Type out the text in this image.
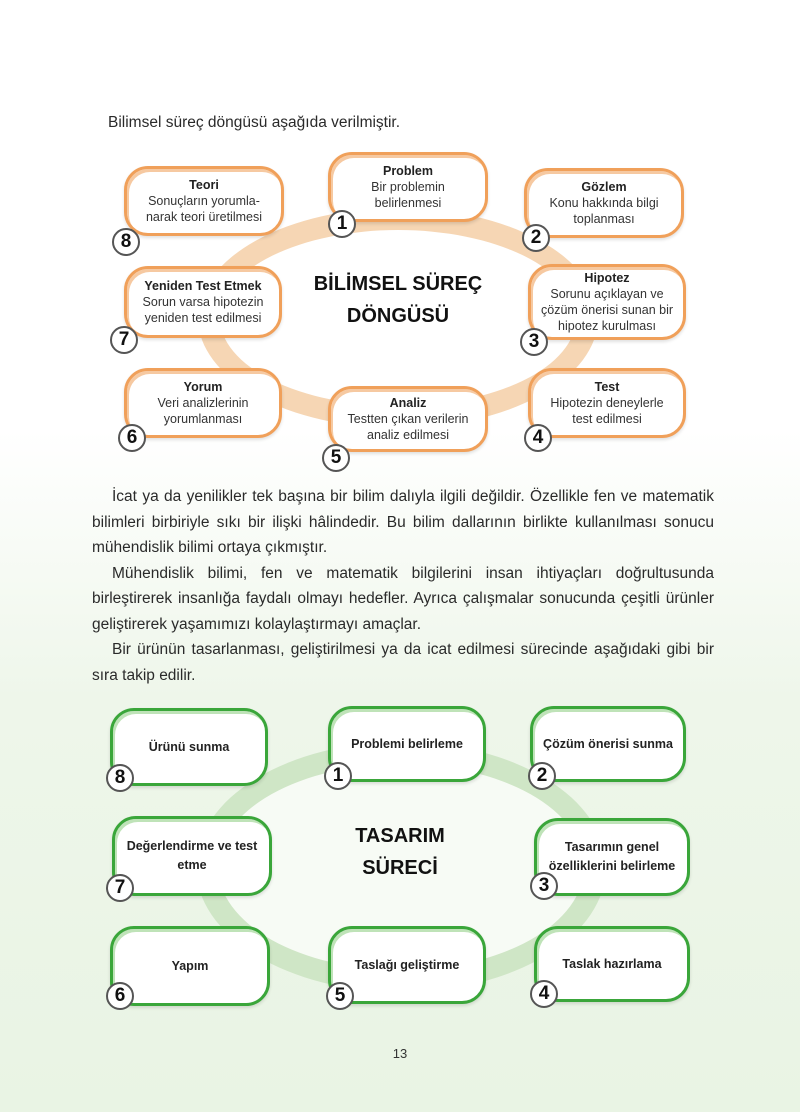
Bilimsel süreç döngüsü aşağıda verilmiştir.
BİLİMSEL SÜREÇ
DÖNGÜSÜ
Problem
Bir problemin belirlenmesi
1
Gözlem
Konu hakkında bilgi toplanması
2
Hipotez
Sorunu açıklayan ve çözüm önerisi sunan bir hipotez kurulması
3
Test
Hipotezin deneylerle test edilmesi
4
Analiz
Testten çıkan verilerin analiz edilmesi
5
Yorum
Veri analizlerinin yorumlanması
6
Yeniden Test Etmek
Sorun varsa hipotezin yeniden test edilmesi
7
Teori
Sonuçların yorumla-narak teori üretilmesi
8

İcat ya da yenilikler tek başına bir bilim dalıyla ilgili değildir. Özellikle fen ve matematik bilimleri birbiriyle sıkı bir ilişki hâlindedir. Bu bilim dallarının birlikte kullanılması sonucu mühendislik bilimi ortaya çıkmıştır.

Mühendislik bilimi, fen ve matematik bilgilerini insan ihtiyaçları doğrultusunda birleştirerek insanlığa faydalı olmayı hedefler. Ayrıca çalışmalar sonucunda çeşitli ürünler geliştirerek yaşamımızı kolaylaştırmayı amaçlar.

Bir ürünün tasarlanması, geliştirilmesi ya da icat edilmesi sürecinde aşağıdaki gibi bir sıra takip edilir.

TASARIM
SÜRECİ
Problemi belirleme
1
Çözüm önerisi sunma
2
Tasarımın genel özelliklerini belirleme
3
Taslak hazırlama
4
Taslağı geliştirme
5
Yapım
6
Değerlendirme ve test etme
7
Ürünü sunma
8
13
